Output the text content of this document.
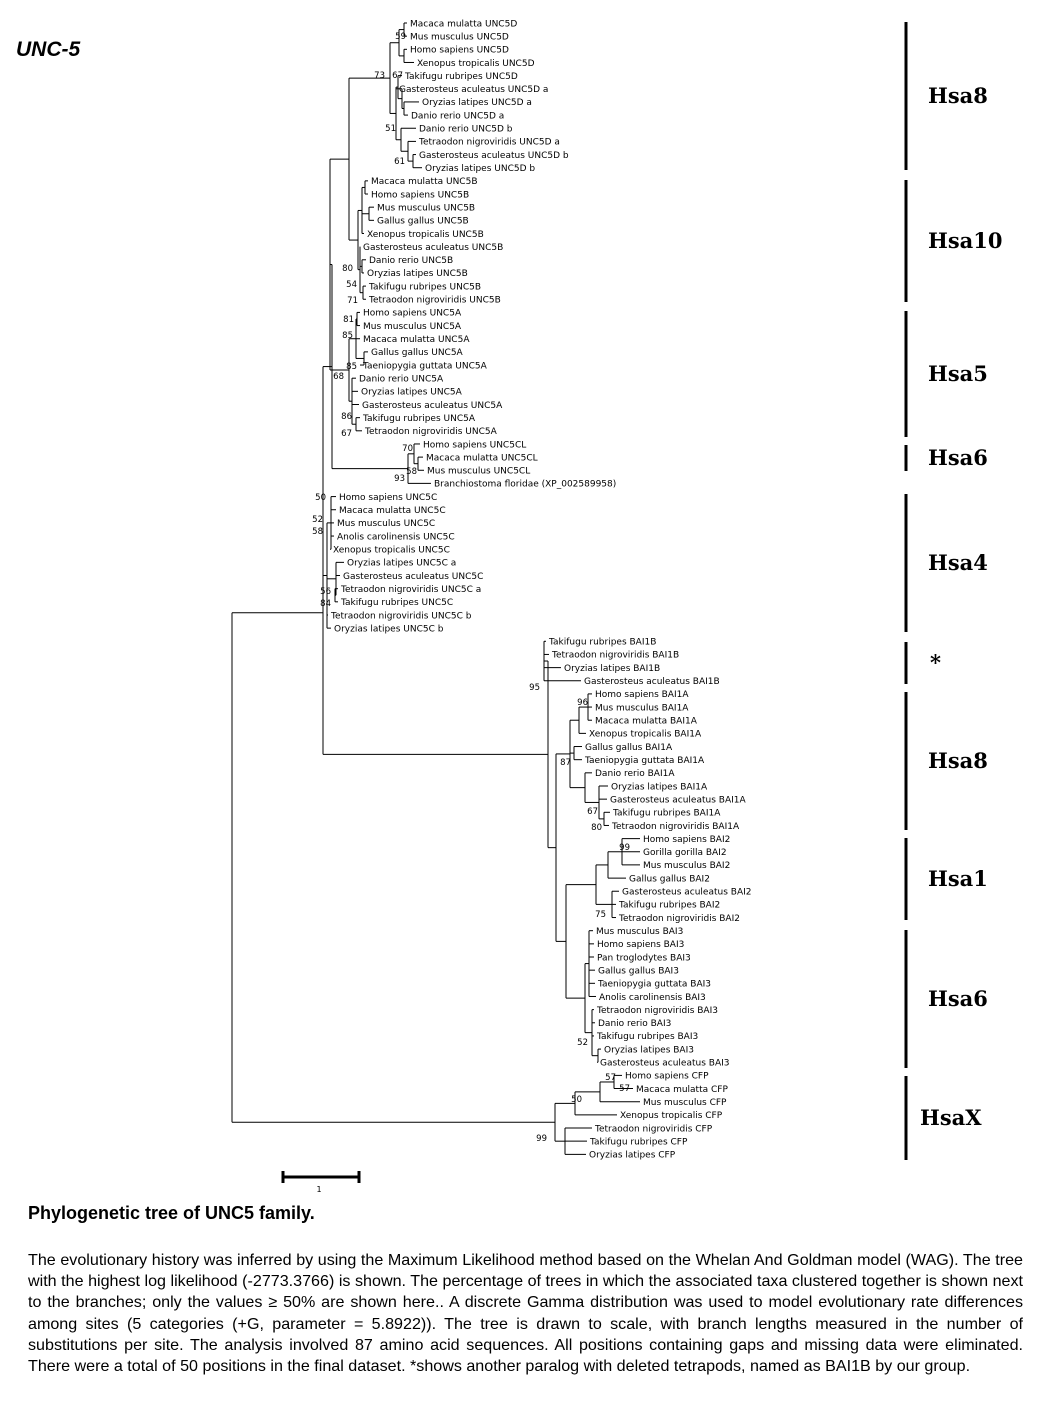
UNC-5
Macaca mulatta UNC5D
Mus musculus UNC5D
Homo sapiens UNC5D
Xenopus tropicalis UNC5D
Takifugu rubripes UNC5D
Gasterosteus aculeatus UNC5D a
Oryzias latipes UNC5D a
Danio rerio UNC5D a
Danio rerio UNC5D b
Tetraodon nigroviridis UNC5D a
Gasterosteus aculeatus UNC5D b
Oryzias latipes UNC5D b
Macaca mulatta UNC5B
Homo sapiens UNC5B
Mus musculus UNC5B
Gallus gallus UNC5B
Xenopus tropicalis UNC5B
Gasterosteus aculeatus UNC5B
Danio rerio UNC5B
Oryzias latipes UNC5B
Takifugu rubripes UNC5B
Tetraodon nigroviridis UNC5B
Homo sapiens UNC5A
Mus musculus UNC5A
Macaca mulatta UNC5A
Gallus gallus UNC5A
Taeniopygia guttata UNC5A
Danio rerio UNC5A
Oryzias latipes UNC5A
Gasterosteus aculeatus UNC5A
Takifugu rubripes UNC5A
Tetraodon nigroviridis UNC5A
Homo sapiens UNC5CL
Macaca mulatta UNC5CL
Mus musculus UNC5CL
Branchiostoma floridae (XP_002589958)
Homo sapiens UNC5C
Macaca mulatta UNC5C
Mus musculus UNC5C
Anolis carolinensis UNC5C
Xenopus tropicalis UNC5C
Oryzias latipes UNC5C a
Gasterosteus aculeatus UNC5C
Tetraodon nigroviridis UNC5C a
Takifugu rubripes UNC5C
Tetraodon nigroviridis UNC5C b
Oryzias latipes UNC5C b
Takifugu rubripes BAI1B
Tetraodon nigroviridis BAI1B
Oryzias latipes BAI1B
Gasterosteus aculeatus BAI1B
Homo sapiens BAI1A
Mus musculus BAI1A
Macaca mulatta BAI1A
Xenopus tropicalis BAI1A
Gallus gallus BAI1A
Taeniopygia guttata BAI1A
Danio rerio BAI1A
Oryzias latipes BAI1A
Gasterosteus aculeatus BAI1A
Takifugu rubripes BAI1A
Tetraodon nigroviridis BAI1A
Homo sapiens BAI2
Gorilla gorilla BAI2
Mus musculus BAI2
Gallus gallus BAI2
Gasterosteus aculeatus BAI2
Takifugu rubripes BAI2
Tetraodon nigroviridis BAI2
Mus musculus BAI3
Homo sapiens BAI3
Pan troglodytes BAI3
Gallus gallus BAI3
Taeniopygia guttata BAI3
Anolis carolinensis BAI3
Tetraodon nigroviridis BAI3
Danio rerio BAI3
Takifugu rubripes BAI3
Oryzias latipes BAI3
Gasterosteus aculeatus BAI3
Homo sapiens CFP
Macaca mulatta CFP
Mus musculus CFP
Xenopus tropicalis CFP
Tetraodon nigroviridis CFP
Takifugu rubripes CFP
Oryzias latipes CFP
59
73 67
51
61
80
54
71
81
85
85
68
86
67
70
58
93
50
52
58
56
84
95
96
87
67
80
99
75
52
57
57
50
99
Hsa8
Hsa10
Hsa5
Hsa6
Hsa4
*
Hsa8
Hsa1
Hsa6
HsaX
1
Phylogenetic tree of UNC5 family.
The evolutionary history was inferred by using the Maximum Likelihood method based on the Whelan And Goldman model (WAG). The tree with the highest log likelihood (-2773.3766) is shown. The percentage of trees in which the associated taxa clustered together is shown next to the branches; only the values ≥ 50% are shown here.. A discrete Gamma distribution was used to model evolutionary rate differences among sites (5 categories (+G, parameter = 5.8922)). The tree is drawn to scale, with branch lengths measured in the number of substitutions per site. The analysis involved 87 amino acid sequences. All positions containing gaps and missing data were eliminated. There were a total of 50 positions in the final dataset. *shows another paralog with deleted tetrapods, named as BAI1B by our group.
